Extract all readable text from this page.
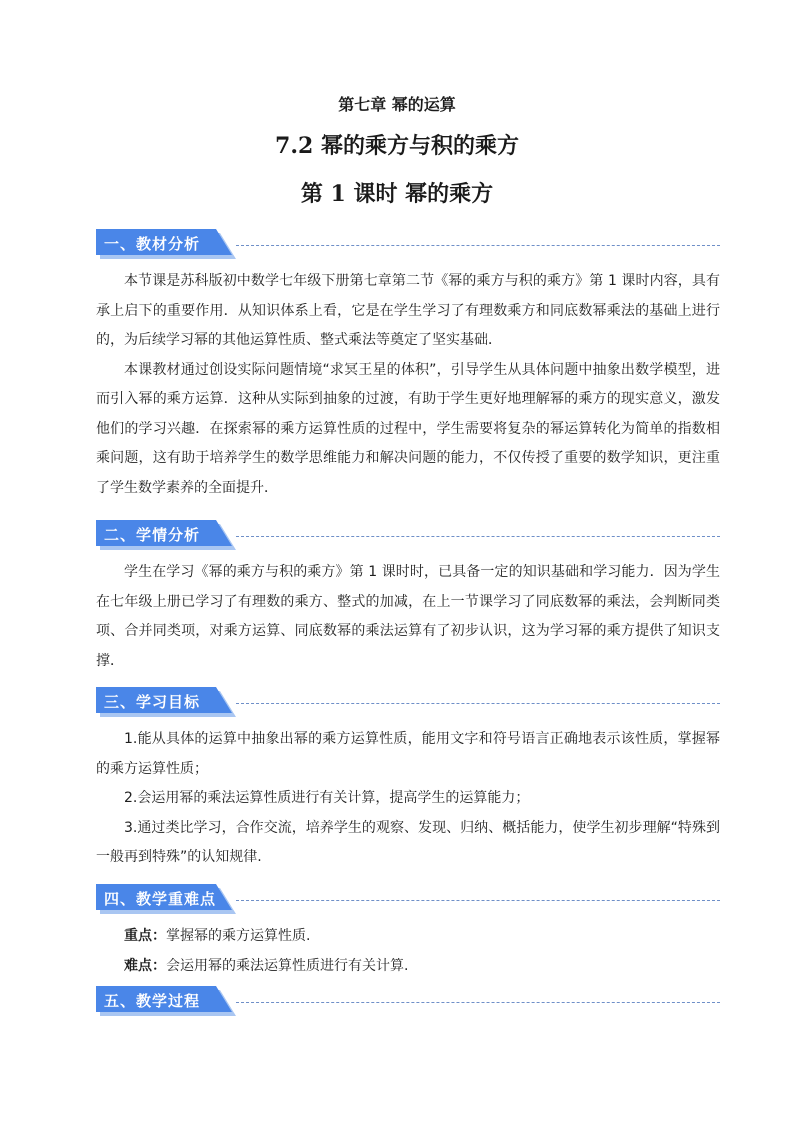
第七章 幂的运算

7.2 幂的乘方与积的乘方

第 1 课时 幂的乘方

一、教材分析

本节课是苏科版初中数学七年级下册第七章第二节《幂的乘方与积的乘方》第 1 课时内容，具有承上启下的重要作用．从知识体系上看，它是在学生学习了有理数乘方和同底数幂乘法的基础上进行的，为后续学习幂的其他运算性质、整式乘法等奠定了坚实基础．

本课教材通过创设实际问题情境“求冥王星的体积”，引导学生从具体问题中抽象出数学模型，进而引入幂的乘方运算．这种从实际到抽象的过渡，有助于学生更好地理解幂的乘方的现实意义，激发他们的学习兴趣．在探索幂的乘方运算性质的过程中，学生需要将复杂的幂运算转化为简单的指数相乘问题，这有助于培养学生的数学思维能力和解决问题的能力，不仅传授了重要的数学知识，更注重了学生数学素养的全面提升．

二、学情分析

学生在学习《幂的乘方与积的乘方》第 1 课时时，已具备一定的知识基础和学习能力．因为学生在七年级上册已学习了有理数的乘方、整式的加减，在上一节课学习了同底数幂的乘法，会判断同类项、合并同类项，对乘方运算、同底数幂的乘法运算有了初步认识，这为学习幂的乘方提供了知识支撑．

三、学习目标

1.能从具体的运算中抽象出幂的乘方运算性质，能用文字和符号语言正确地表示该性质，掌握幂的乘方运算性质；

2.会运用幂的乘法运算性质进行有关计算，提高学生的运算能力；

3.通过类比学习，合作交流，培养学生的观察、发现、归纳、概括能力，使学生初步理解“特殊到一般再到特殊”的认知规律.

四、教学重难点

重点：掌握幂的乘方运算性质.

难点：会运用幂的乘法运算性质进行有关计算.

五、教学过程
